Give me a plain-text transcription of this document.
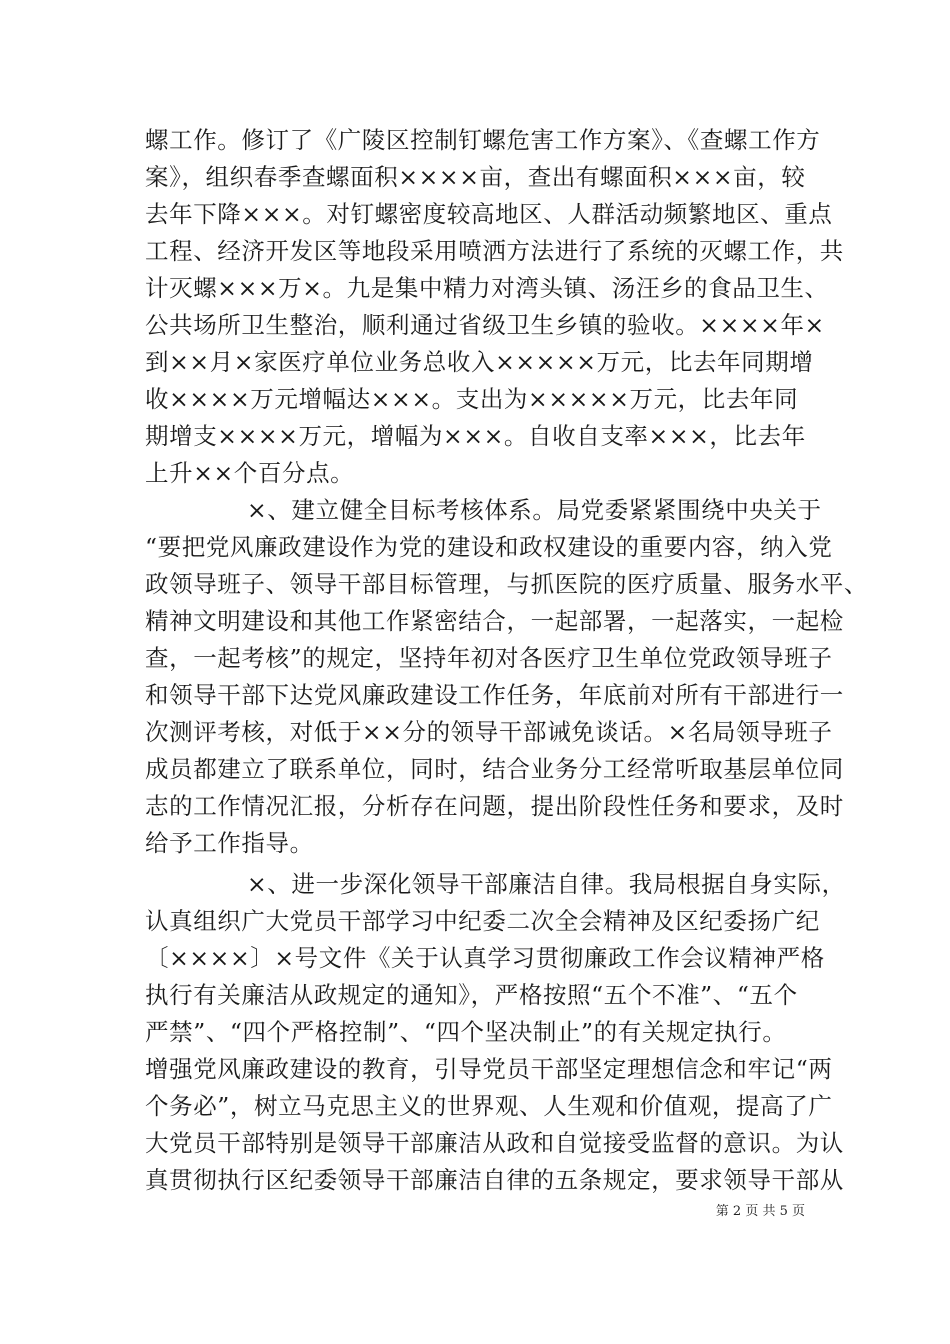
螺工作。修订了《广陵区控制钉螺危害工作方案》、《查螺工作方
案》，组织春季查螺面积××××亩，查出有螺面积×××亩，较
去年下降×××。对钉螺密度较高地区、人群活动频繁地区、重点
工程、经济开发区等地段采用喷洒方法进行了系统的灭螺工作，共
计灭螺×××万×。九是集中精力对湾头镇、汤汪乡的食品卫生、
公共场所卫生整治，顺利通过省级卫生乡镇的验收。××××年×
到××月×家医疗单位业务总收入×××××万元，比去年同期增
收××××万元增幅达×××。支出为×××××万元，比去年同
期增支××××万元，增幅为×××。自收自支率×××，比去年
上升××个百分点。
×、建立健全目标考核体系。局党委紧紧围绕中央关于
“要把党风廉政建设作为党的建设和政权建设的重要内容，纳入党
政领导班子、领导干部目标管理，与抓医院的医疗质量、服务水平、
精神文明建设和其他工作紧密结合，一起部署，一起落实，一起检
查，一起考核”的规定，坚持年初对各医疗卫生单位党政领导班子
和领导干部下达党风廉政建设工作任务，年底前对所有干部进行一
次测评考核，对低于××分的领导干部诫免谈话。×名局领导班子
成员都建立了联系单位，同时，结合业务分工经常听取基层单位同
志的工作情况汇报，分析存在问题，提出阶段性任务和要求，及时
给予工作指导。
×、进一步深化领导干部廉洁自律。我局根据自身实际，
认真组织广大党员干部学习中纪委二次全会精神及区纪委扬广纪
〔××××〕×号文件《关于认真学习贯彻廉政工作会议精神严格
执行有关廉洁从政规定的通知》，严格按照“五个不准”、“五个
严禁”、“四个严格控制”、“四个坚决制止”的有关规定执行。
增强党风廉政建设的教育，引导党员干部坚定理想信念和牢记“两
个务必”，树立马克思主义的世界观、人生观和价值观，提高了广
大党员干部特别是领导干部廉洁从政和自觉接受监督的意识。为认
真贯彻执行区纪委领导干部廉洁自律的五条规定，要求领导干部从
第 2 页 共 5 页
